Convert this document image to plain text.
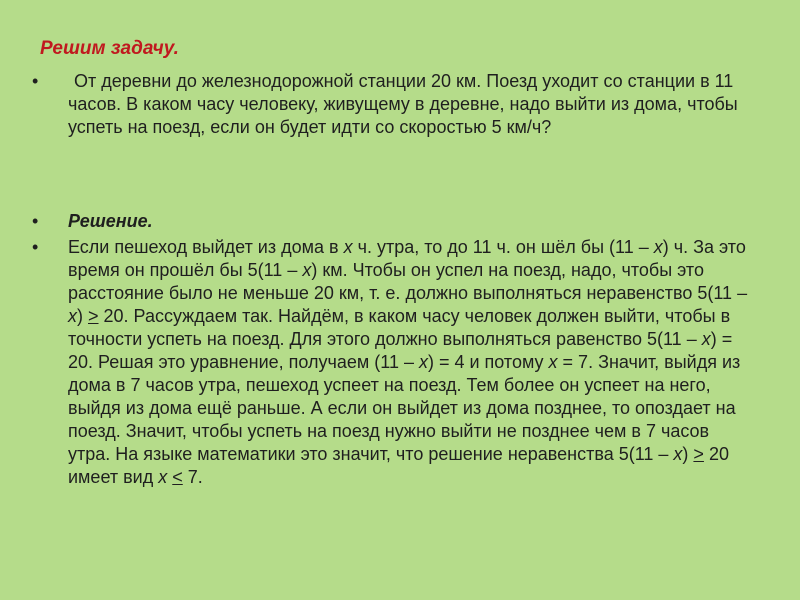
Решим задачу.
•	От деревни до железнодорожной станции 20 км. Поезд уходит со станции в 11 часов. В каком часу человеку, живущему в деревне, надо выйти из дома, чтобы успеть на поезд, если он будет идти со скоростью 5 км/ч?
•	Решение.
•	Если пешеход выйдет из дома в x ч. утра, то до 11 ч. он шёл бы (11 – x) ч. За это время он прошёл бы 5(11 – x) км. Чтобы он успел на поезд, надо, чтобы это расстояние было не меньше 20 км, т. е. должно выполняться неравенство 5(11 – x) ≥ 20. Рассуждаем так. Найдём, в каком часу человек должен выйти, чтобы в точности успеть на поезд. Для этого должно выполняться равенство 5(11 – x) = 20. Решая это уравнение, получаем (11 – x) = 4 и потому x = 7. Значит, выйдя из дома в 7 часов утра, пешеход успеет на поезд. Тем более он успеет на него, выйдя из дома ещё раньше. А если он выйдет из дома позднее, то опоздает на поезд. Значит, чтобы успеть на поезд нужно выйти не позднее чем в 7 часов утра. На языке математики это значит, что решение неравенства 5(11 – x) ≥ 20 имеет вид x ≤ 7.
